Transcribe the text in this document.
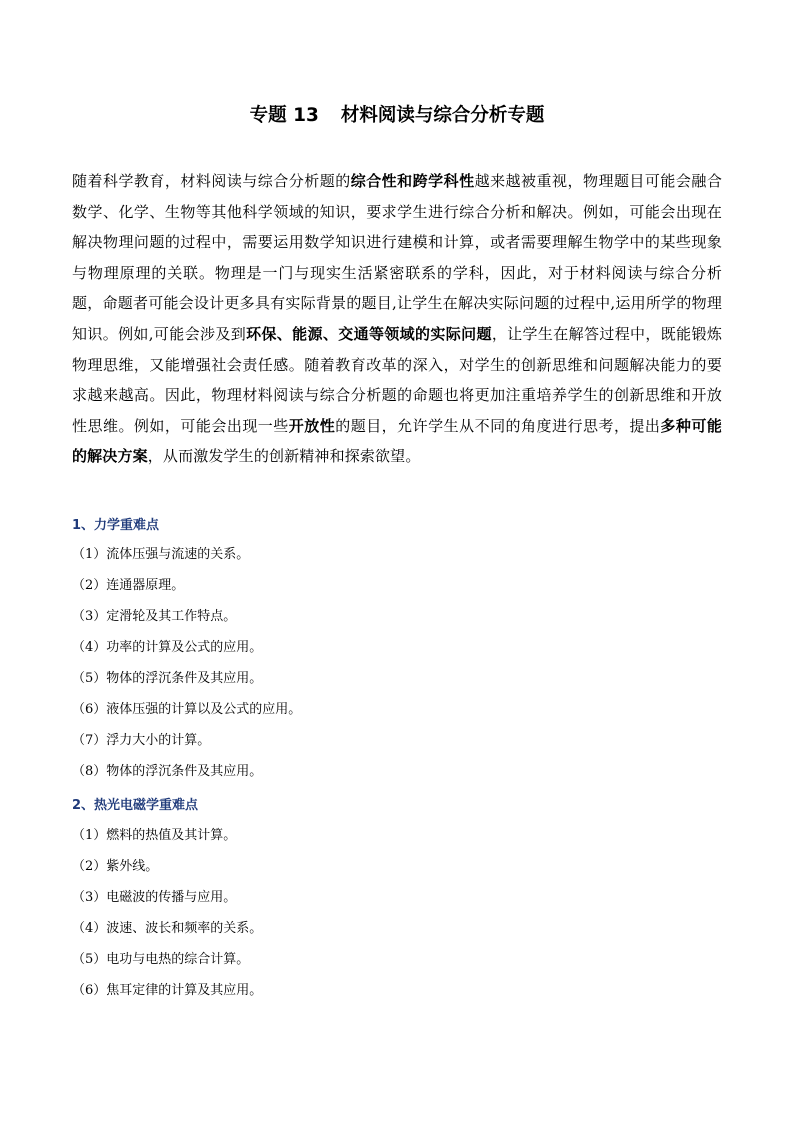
专题 13 材料阅读与综合分析专题

随着科学教育，材料阅读与综合分析题的综合性和跨学科性越来越被重视，物理题目可能会融合数学、化学、生物等其他科学领域的知识，要求学生进行综合分析和解决。例如，可能会出现在解决物理问题的过程中，需要运用数学知识进行建模和计算，或者需要理解生物学中的某些现象与物理原理的关联。物理是一门与现实生活紧密联系的学科，因此，对于材料阅读与综合分析题，命题者可能会设计更多具有实际背景的题目,让学生在解决实际问题的过程中,运用所学的物理知识。例如,可能会涉及到环保、能源、交通等领域的实际问题，让学生在解答过程中，既能锻炼物理思维，又能增强社会责任感。随着教育改革的深入，对学生的创新思维和问题解决能力的要求越来越高。因此，物理材料阅读与综合分析题的命题也将更加注重培养学生的创新思维和开放性思维。例如，可能会出现一些开放性的题目，允许学生从不同的角度进行思考，提出多种可能的解决方案，从而激发学生的创新精神和探索欲望。

1、力学重难点
（1）流体压强与流速的关系。
（2）连通器原理。
（3）定滑轮及其工作特点。
（4）功率的计算及公式的应用。
（5）物体的浮沉条件及其应用。
（6）液体压强的计算以及公式的应用。
（7）浮力大小的计算。
（8）物体的浮沉条件及其应用。
2、热光电磁学重难点
（1）燃料的热值及其计算。
（2）紫外线。
（3）电磁波的传播与应用。
（4）波速、波长和频率的关系。
（5）电功与电热的综合计算。
（6）焦耳定律的计算及其应用。
